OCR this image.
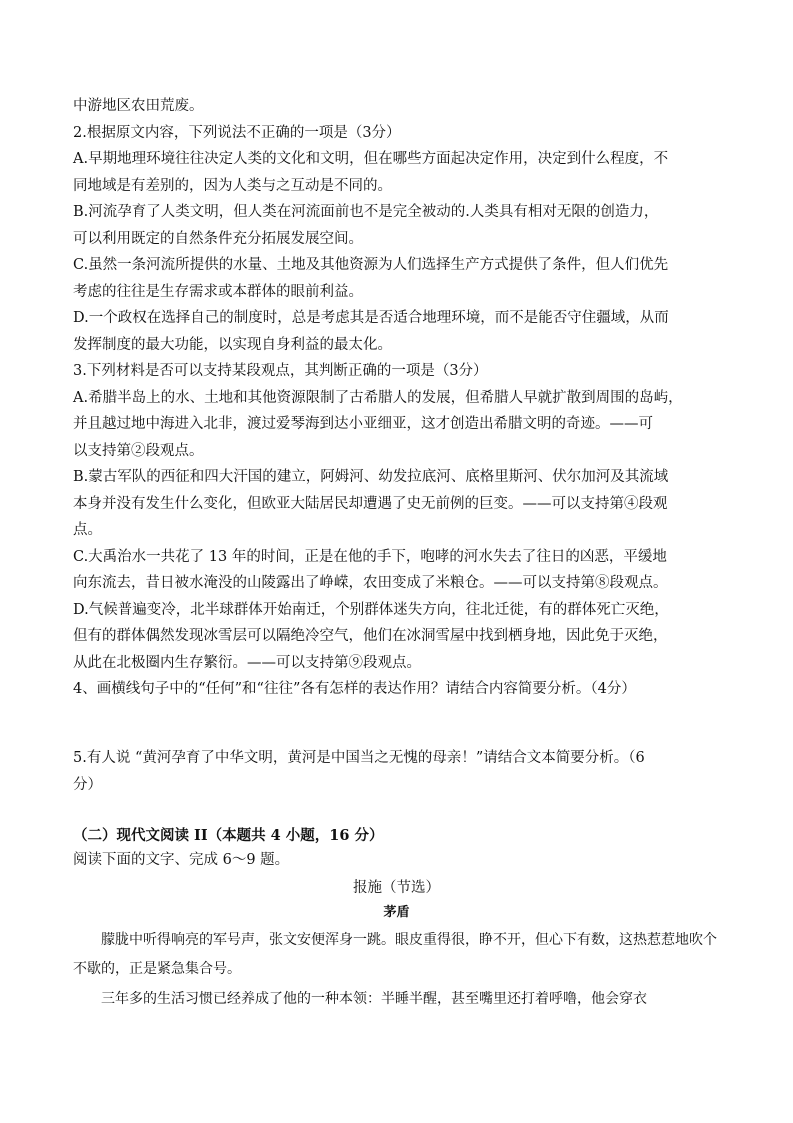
中游地区农田荒废。
2.根据原文内容，下列说法不正确的一项是（3分）
A.早期地理环境往往决定人类的文化和文明，但在哪些方面起决定作用，决定到什么程度，不
同地域是有差别的，因为人类与之互动是不同的。
B.河流孕育了人类文明，但人类在河流面前也不是完全被动的.人类具有相对无限的创造力，
可以利用既定的自然条件充分拓展发展空间。
C.虽然一条河流所提供的水量、土地及其他资源为人们选择生产方式提供了条件，但人们优先
考虑的往往是生存需求或本群体的眼前利益。
D.一个政权在选择自己的制度时，总是考虑其是否适合地理环境，而不是能否守住疆域，从而
发挥制度的最大功能，以实现自身利益的最太化。
3.下列材料是否可以支持某段观点，其判断正确的一项是（3分）
A.希腊半岛上的水、土地和其他资源限制了古希腊人的发展，但希腊人早就扩散到周围的岛屿，
并且越过地中海进入北非，渡过爱琴海到达小亚细亚，这才创造出希腊文明的奇迹。——可
以支持第②段观点。
B.蒙古军队的西征和四大汗国的建立，阿姆河、幼发拉底河、底格里斯河、伏尔加河及其流域
本身并没有发生什么变化，但欧亚大陆居民却遭遇了史无前例的巨变。——可以支持第④段观
点。
C.大禹治水一共花了 13 年的时间，正是在他的手下，咆哮的河水失去了往日的凶恶，平缓地
向东流去，昔日被水淹没的山陵露出了峥嵘，农田变成了米粮仓。——可以支持第⑧段观点。
D.气候普遍变冷，北半球群体开始南迁，个别群体迷失方向，往北迁徙，有的群体死亡灭绝，
但有的群体偶然发现冰雪层可以隔绝冷空气，他们在冰洞雪屋中找到栖身地，因此免于灭绝，
从此在北极圈内生存繁衍。——可以支持第⑨段观点。
4、画横线句子中的“任何”和“往往”各有怎样的表达作用？请结合内容简要分析。（4分）
5.有人说 “黄河孕育了中华文明，黄河是中国当之无愧的母亲！”请结合文本简要分析。（6
分）

（二）现代文阅读 II（本题共 4 小题，16 分）

阅读下面的文字、完成 6～9 题。

报施（节选）

茅盾

朦胧中听得响亮的军号声，张文安便浑身一跳。眼皮重得很，睁不开，但心下有数，这热惹惹地吹个不歇的，正是紧急集合号。

三年多的生活习惯已经养成了他的一种本领：半睡半醒，甚至嘴里还打着呼噜，他会穿衣
